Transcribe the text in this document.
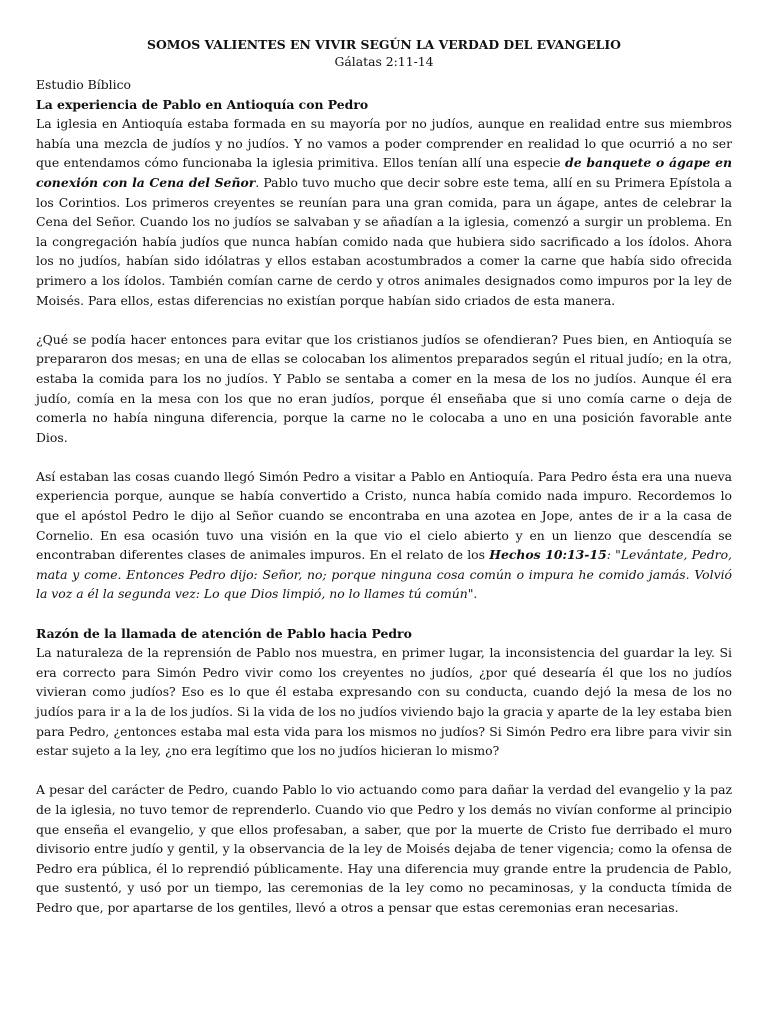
SOMOS VALIENTES EN VIVIR SEGÚN LA VERDAD DEL EVANGELIO
Gálatas 2:11-14
Estudio Bíblico
La experiencia de Pablo en Antioquía con Pedro

La iglesia en Antioquía estaba formada en su mayoría por no judíos, aunque en realidad entre sus miembros había una mezcla de judíos y no judíos. Y no vamos a poder comprender en realidad lo que ocurrió a no ser que entendamos cómo funcionaba la iglesia primitiva. Ellos tenían allí una especie de banquete o ágape en conexión con la Cena del Señor. Pablo tuvo mucho que decir sobre este tema, allí en su Primera Epístola a los Corintios. Los primeros creyentes se reunían para una gran comida, para un ágape, antes de celebrar la Cena del Señor. Cuando los no judíos se salvaban y se añadían a la iglesia, comenzó a surgir un problema. En la congregación había judíos que nunca habían comido nada que hubiera sido sacrificado a los ídolos. Ahora los no judíos, habían sido idólatras y ellos estaban acostumbrados a comer la carne que había sido ofrecida primero a los ídolos. También comían carne de cerdo y otros animales designados como impuros por la ley de Moisés. Para ellos, estas diferencias no existían porque habían sido criados de esta manera.

¿Qué se podía hacer entonces para evitar que los cristianos judíos se ofendieran? Pues bien, en Antioquía se prepararon dos mesas; en una de ellas se colocaban los alimentos preparados según el ritual judío; en la otra, estaba la comida para los no judíos. Y Pablo se sentaba a comer en la mesa de los no judíos. Aunque él era judío, comía en la mesa con los que no eran judíos, porque él enseñaba que si uno comía carne o deja de comerla no había ninguna diferencia, porque la carne no le colocaba a uno en una posición favorable ante Dios.

Así estaban las cosas cuando llegó Simón Pedro a visitar a Pablo en Antioquía. Para Pedro ésta era una nueva experiencia porque, aunque se había convertido a Cristo, nunca había comido nada impuro. Recordemos lo que el apóstol Pedro le dijo al Señor cuando se encontraba en una azotea en Jope, antes de ir a la casa de Cornelio. En esa ocasión tuvo una visión en la que vio el cielo abierto y en un lienzo que descendía se encontraban diferentes clases de animales impuros. En el relato de los Hechos 10:13-15: "Levántate, Pedro, mata y come. Entonces Pedro dijo: Señor, no; porque ninguna cosa común o impura he comido jamás. Volvió la voz a él la segunda vez: Lo que Dios limpió, no lo llames tú común".

Razón de la llamada de atención de Pablo hacia Pedro

La naturaleza de la reprensión de Pablo nos muestra, en primer lugar, la inconsistencia del guardar la ley. Si era correcto para Simón Pedro vivir como los creyentes no judíos, ¿por qué desearía él que los no judíos vivieran como judíos? Eso es lo que él estaba expresando con su conducta, cuando dejó la mesa de los no judíos para ir a la de los judíos. Si la vida de los no judíos viviendo bajo la gracia y aparte de la ley estaba bien para Pedro, ¿entonces estaba mal esta vida para los mismos no judíos? Si Simón Pedro era libre para vivir sin estar sujeto a la ley, ¿no era legítimo que los no judíos hicieran lo mismo?

A pesar del carácter de Pedro, cuando Pablo lo vio actuando como para dañar la verdad del evangelio y la paz de la iglesia, no tuvo temor de reprenderlo. Cuando vio que Pedro y los demás no vivían conforme al principio que enseña el evangelio, y que ellos profesaban, a saber, que por la muerte de Cristo fue derribado el muro divisorio entre judío y gentil, y la observancia de la ley de Moisés dejaba de tener vigencia; como la ofensa de Pedro era pública, él lo reprendió públicamente. Hay una diferencia muy grande entre la prudencia de Pablo, que sustentó, y usó por un tiempo, las ceremonias de la ley como no pecaminosas, y la conducta tímida de Pedro que, por apartarse de los gentiles, llevó a otros a pensar que estas ceremonias eran necesarias.
